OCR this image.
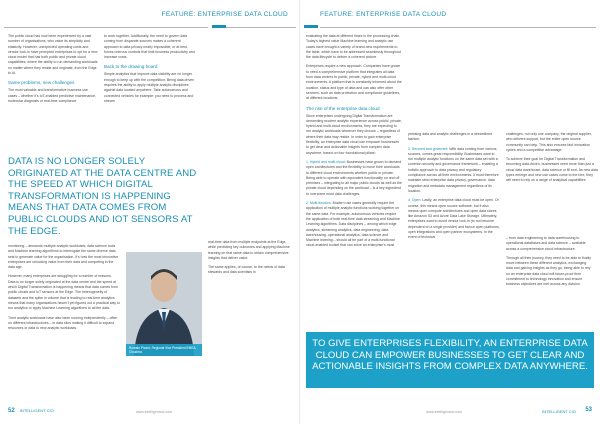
FEATURE: ENTERPRISE DATA CLOUD

The public cloud has now been experienced by a vast number of organisations, who value its simplicity and elasticity. However, unexpected operating costs and vendor lock-in have prompted enterprises to opt for a new cloud model that has both public and private cloud capabilities, where the ability to run demanding workloads no matter where they reside and originate, from the Edge to AI.

Same problems, new challenges

The most valuable and transformative business use cases – whether it's IoT-enabled predictive maintenance, molecular diagnosis or real-time compliance

to work together. Additionally, the need to govern data coming from disparate sources makes a coherent approach to data privacy nearly impossible, or at best, forces onerous controls that limit business productivity and increase costs.

Back to the drawing board

Simple analytics that improve data visibility are no longer enough to keep up with the competition. Being data driven requires the ability to apply multiple analytic disciplines against data located anywhere. Take autonomous and connected vehicles for example: you need to process and stream

DATA IS NO LONGER SOLELY ORIGINATED AT THE DATA CENTRE AND THE SPEED AT WHICH DIGITAL TRANSFORMATION IS HAPPENING MEANS THAT DATA COMES FROM PUBLIC CLOUDS AND IOT SENSORS AT THE EDGE.

monitoring – demands multiple analytic workloads, data science tools and Machine learning algorithms to interrogate the same diverse data sets to generate value for the organisation. It's how the most innovative enterprises are unlocking value from their data and competing in the data age.

However, many enterprises are struggling for a number of reasons. Data is no longer solely originated at the data centre and the speed at which Digital Transformation is happening means that data comes from public clouds and IoT sensors at the Edge. The heterogeneity of datasets and the spike in volume that is leading to real-time analytics means that many organisations haven't yet figured out a practical way to run analytics or apply Machine Learning algorithms to all the data.

Their analytic workloads have also been running independently – often on different infrastructures – in data silos making it difficult to expand resources or data to new analytic workloads.

Romain Picard, Regional Vice President EMEA, Cloudera

real-time data from multiple endpoints at the Edge, while predicting key outcomes and applying Machine learning on that same data to obtain comprehensive insights that deliver value.

The same applies, of course, to the needs of data stewards and data scientists in

52 INTELLIGENT CIO	www.intelligentcio.com
FEATURE: ENTERPRISE DATA CLOUD

evaluating the data at different times in the processing chain. Today's highest value Machine learning and analytic use cases have brought a variety of brand-new requirements to the table, which have to be addressed seamlessly throughout the data lifecycle to deliver a coherent picture.

Enterprises require a new approach. Companies have grown to need a comprehensive platform that integrates all data from data centres to public, private, hybrid and multi-cloud environments. A platform that is constantly informed about the location, status and type of data and can also offer other services, such as data protection and compliance guidelines, at different locations.

The rise of the enterprise data cloud

Since enterprises undergoing Digital Transformation are demanding modern analytic experience across public, private, hybrid and multi-cloud environments, they are expecting to run analytic workloads wherever they choose – regardless of where their data may reside. In order to gain enterprise flexibility, an enterprise data cloud can empower businesses to get clear and actionable insights from complex data anywhere, based on four foundational pillars:

1. Hybrid and multi-cloud: Businesses have grown to demand open architectures and the flexibility to move their workloads to different cloud environments whether public or private. Being able to operate with equivalent functionality on and off premises – integrating to all major public clouds as well as the private cloud depending on the workload – is a key ingredient to overcome most data challenges.

2. Multi-function: Modern use cases generally require the application of multiple analytic functions working together on the same data. For example, autonomous vehicles require the application of both real-time data streaming and Machine Learning algorithms. Data disciplines – among which edge analytics, streaming analytics, data engineering, data warehousing, operational analytics, data science and Machine learning – should all be part of a multi-functional cloud-enabled toolset that can solve an enterprise's most

pressing data and analytic challenges in a streamlined fashion.

3. Secured and governed: With data coming from various sources, comes great responsibility. Businesses want to run multiple analytic functions on the same data set with a common security and governance framework – enabling a holistic approach to data privacy and regulatory compliance across all their environments. It must therefore maintain strict enterprise data privacy, governance, data migration and metadata management regardless of its location.

4. Open: Lastly, an enterprise data cloud must be open. Of course, this means open source software, but it also means open compute architectures and open data stores like Amazon S3 and Azure Data Lake Storage. Ultimately, enterprises want to avoid vendor lock-in (to not become dependent on a single provider) and favour open platforms, open integrations and open partner ecosystems. In the event of technical

challenges, not only one company, the original supplier, who delivers support, but the entire open source community can help. This also ensures fast innovation cycles and a competitive advantage.

To achieve their goal for Digital Transformation and becoming data-driven, businesses need more than just a cloud data warehouse, data science or BI tool. As new data types emerge and new use cases come to the fore, they will need to rely on a range of analytical capabilities

TO GIVE ENTERPRISES FLEXIBILITY, AN ENTERPRISE DATA CLOUD CAN EMPOWER BUSINESSES TO GET CLEAR AND ACTIONABLE INSIGHTS FROM COMPLEX DATA ANYWHERE.
www.intelligentcio.com	INTELLIGENT CIO 53

– from data engineering to data warehousing to operational databases and data science – available across a comprehensive cloud infrastructure.

Through all their journey, they need to be able to fluidly move between these different analytics, exchanging data and gaining insights as they go, being able to rely on an enterprise data cloud will future-proof their commitment to technology innovation and ensure business objectives are met across any division.
